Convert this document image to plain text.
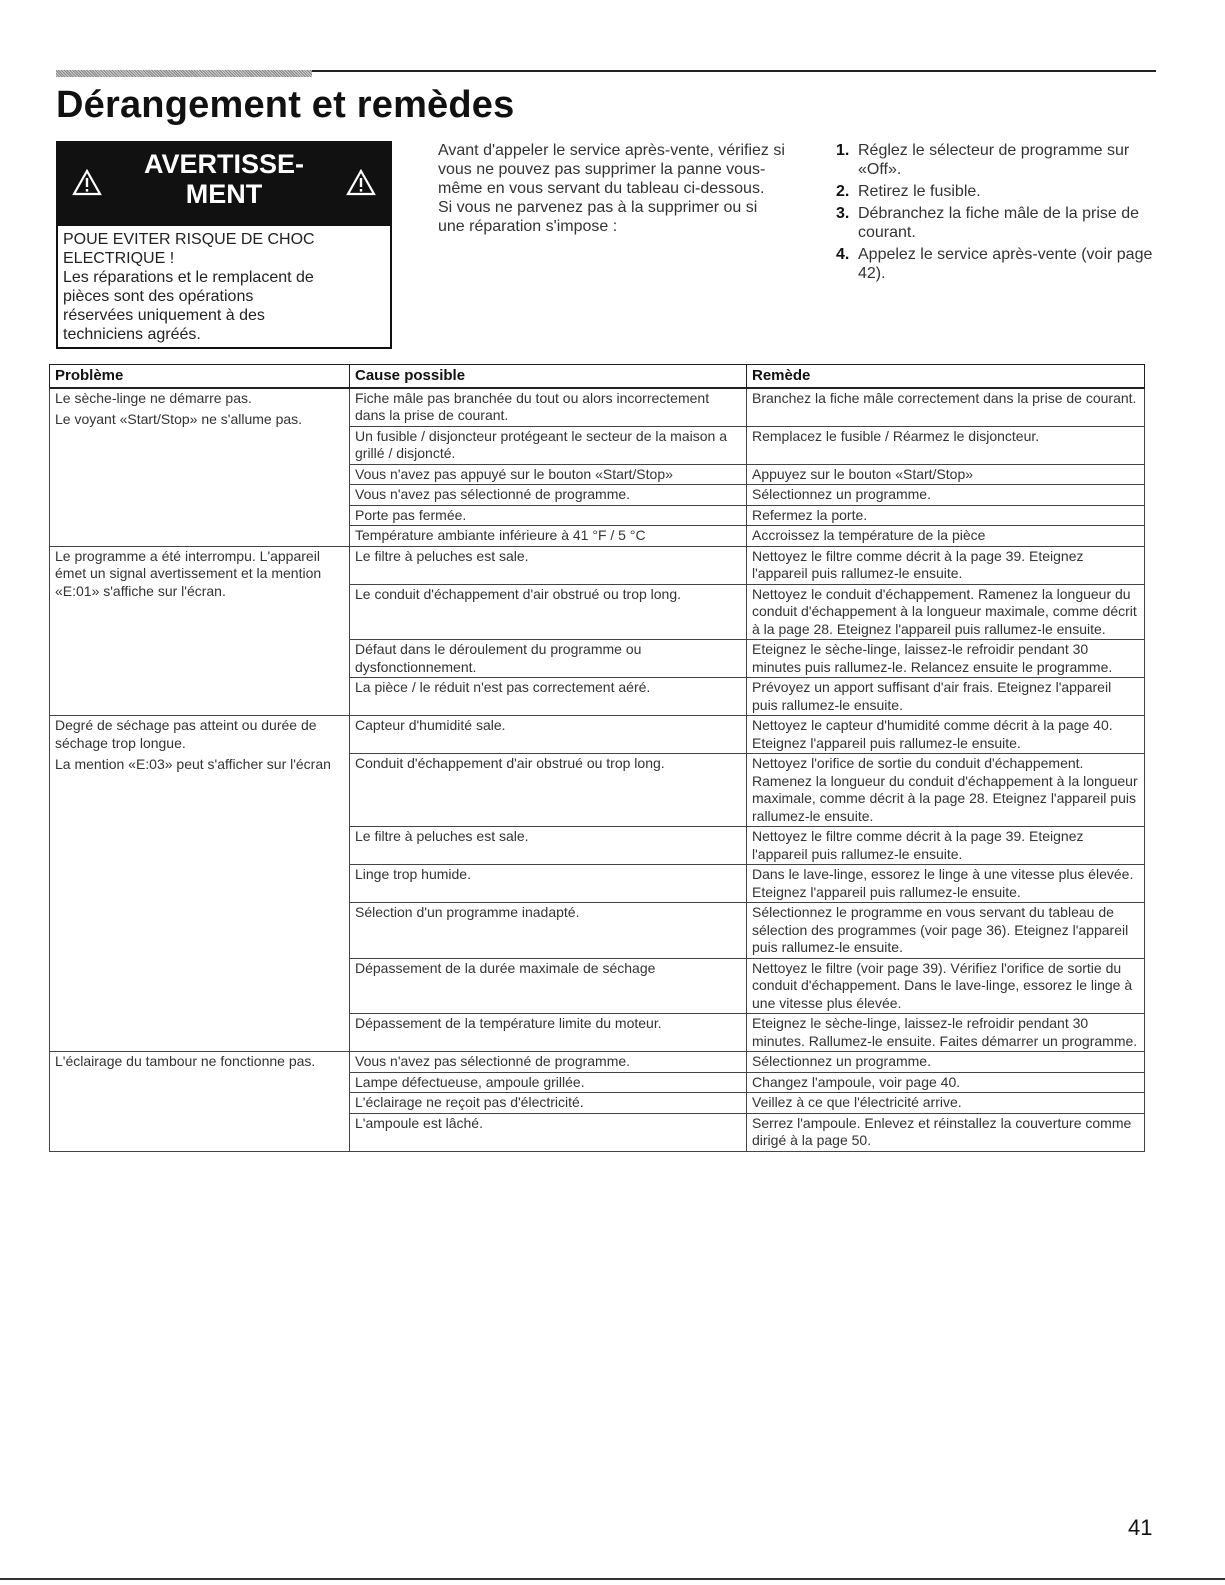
Dérangement et remèdes
AVERTISSE-
MENT
POUE EVITER RISQUE DE CHOC
ELECTRIQUE !
Les réparations et le remplacent de
pièces sont des opérations
réservées uniquement à des
techniciens agréés.

Avant d'appeler le service après-vente, vérifiez si vous ne pouvez pas supprimer la panne vous-même en vous servant du tableau ci-dessous.

Si vous ne parvenez pas à la supprimer ou si une réparation s'impose :

1. Réglez le sélecteur de programme sur «Off».
2. Retirez le fusible.
3. Débranchez la fiche mâle de la prise de courant.
4. Appelez le service après-vente (voir page 42).
Problème	Cause possible	Remède

Le sèche-linge ne démarre pas.
Le voyant «Start/Stop» ne s'allume pas.	Fiche mâle pas branchée du tout ou alors incorrectement dans la prise de courant.	Branchez la fiche mâle correctement dans la prise de courant.
	Un fusible / disjoncteur protégeant le secteur de la maison a grillé / disjoncté.	Remplacez le fusible / Réarmez le disjoncteur.
	Vous n'avez pas appuyé sur le bouton «Start/Stop»	Appuyez sur le bouton «Start/Stop»
	Vous n'avez pas sélectionné de programme.	Sélectionnez un programme.
	Porte pas fermée.	Refermez la porte.
	Température ambiante inférieure à 41 °F / 5 °C	Accroissez la température de la pièce

Le programme a été interrompu. L'appareil émet un signal avertissement et la mention «E:01» s'affiche sur l'écran.	Le filtre à peluches est sale.	Nettoyez le filtre comme décrit à la page 39. Eteignez l'appareil puis rallumez-le ensuite.
	Le conduit d'échappement d'air obstrué ou trop long.	Nettoyez le conduit d'échappement. Ramenez la longueur du conduit d'échappement à la longueur maximale, comme décrit à la page 28. Eteignez l'appareil puis rallumez-le ensuite.
	Défaut dans le déroulement du programme ou dysfonctionnement.	Eteignez le sèche-linge, laissez-le refroidir pendant 30 minutes puis rallumez-le. Relancez ensuite le programme.
	La pièce / le réduit n'est pas correctement aéré.	Prévoyez un apport suffisant d'air frais. Eteignez l'appareil puis rallumez-le ensuite.

Degré de séchage pas atteint ou durée de séchage trop longue.
La mention «E:03» peut s'afficher sur l'écran	Capteur d'humidité sale.	Nettoyez le capteur d'humidité comme décrit à la page 40. Eteignez l'appareil puis rallumez-le ensuite.
	Conduit d'échappement d'air obstrué ou trop long.	Nettoyez l'orifice de sortie du conduit d'échappement. Ramenez la longueur du conduit d'échappement à la longueur maximale, comme décrit à la page 28. Eteignez l'appareil puis rallumez-le ensuite.
	Le filtre à peluches est sale.	Nettoyez le filtre comme décrit à la page 39. Eteignez l'appareil puis rallumez-le ensuite.
	Linge trop humide.	Dans le lave-linge, essorez le linge à une vitesse plus élevée. Eteignez l'appareil puis rallumez-le ensuite.
	Sélection d'un programme inadapté.	Sélectionnez le programme en vous servant du tableau de sélection des programmes (voir page 36). Eteignez l'appareil puis rallumez-le ensuite.
	Dépassement de la durée maximale de séchage	Nettoyez le filtre (voir page 39). Vérifiez l'orifice de sortie du conduit d'échappement. Dans le lave-linge, essorez le linge à une vitesse plus élevée.
	Dépassement de la température limite du moteur.	Eteignez le sèche-linge, laissez-le refroidir pendant 30 minutes. Rallumez-le ensuite. Faites démarrer un programme.

L'éclairage du tambour ne fonctionne pas.	Vous n'avez pas sélectionné de programme.	Sélectionnez un programme.
	Lampe défectueuse, ampoule grillée.	Changez l'ampoule, voir page 40.
	L'éclairage ne reçoit pas d'électricité.	Veillez à ce que l'électricité arrive.
	L'ampoule est lâché.	Serrez l'ampoule. Enlevez et réinstallez la couverture comme dirigé à la page 50.
41
